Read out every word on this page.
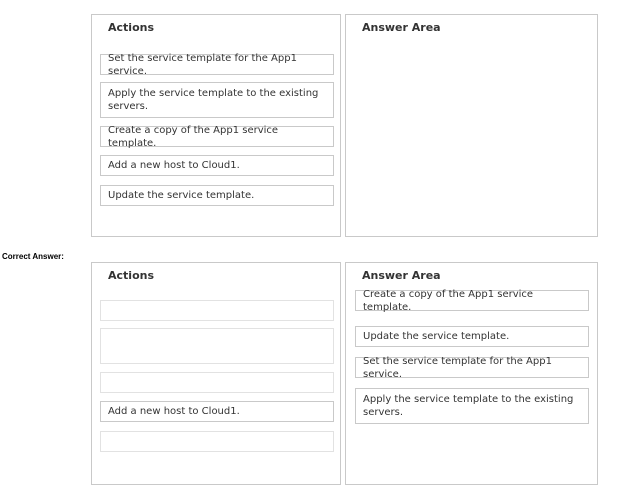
Actions
Set the service template for the App1 service.
Apply the service template to the existing servers.
Create a copy of the App1 service template.
Add a new host to Cloud1.
Update the service template.
Answer Area
Correct Answer:
Actions
Add a new host to Cloud1.
Answer Area
Create a copy of the App1 service template.
Update the service template.
Set the service template for the App1 service.
Apply the service template to the existing servers.
